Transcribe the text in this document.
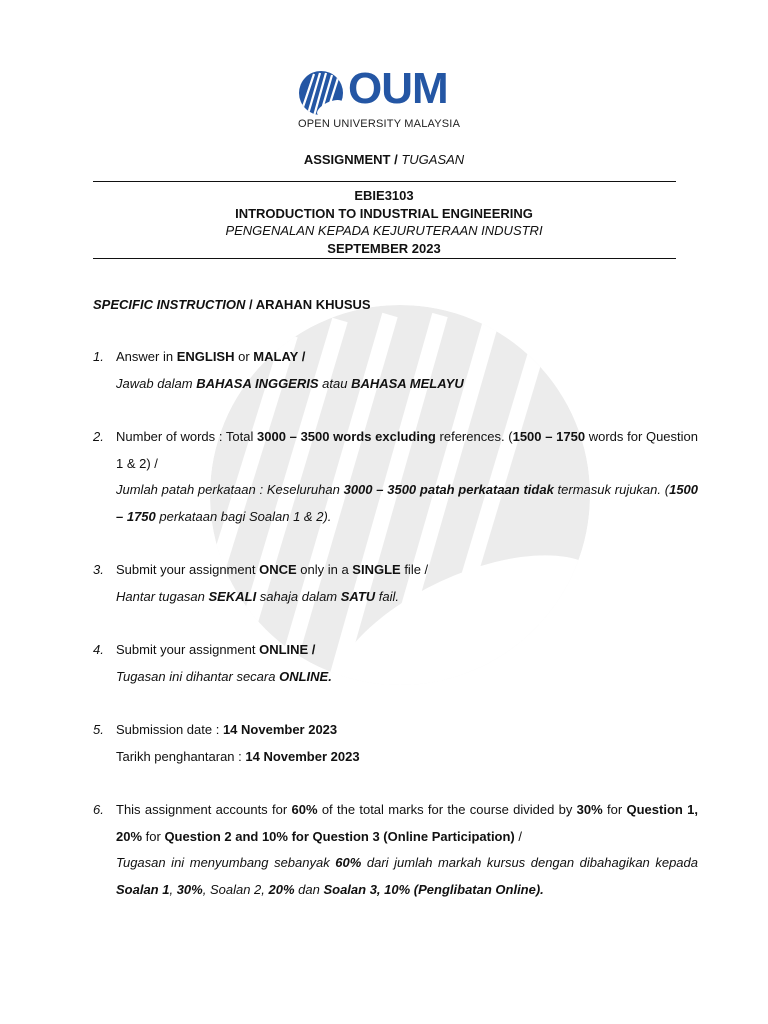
OUM
OPEN UNIVERSITY MALAYSIA
ASSIGNMENT / TUGASAN
EBIE3103
INTRODUCTION TO INDUSTRIAL ENGINEERING
PENGENALAN KEPADA KEJURUTERAAN INDUSTRI
SEPTEMBER 2023
SPECIFIC INSTRUCTION / ARAHAN KHUSUS
1. Answer in ENGLISH or MALAY /
Jawab dalam BAHASA INGGERIS atau BAHASA MELAYU
2. Number of words : Total 3000 – 3500 words excluding references. (1500 – 1750 words for Question 1 & 2) /
Jumlah patah perkataan : Keseluruhan 3000 – 3500 patah perkataan tidak termasuk rujukan. (1500 – 1750 perkataan bagi Soalan 1 & 2).
3. Submit your assignment ONCE only in a SINGLE file /
Hantar tugasan SEKALI sahaja dalam SATU fail.
4. Submit your assignment ONLINE /
Tugasan ini dihantar secara ONLINE.
5. Submission date : 14 November 2023
Tarikh penghantaran : 14 November 2023
6. This assignment accounts for 60% of the total marks for the course divided by 30% for Question 1, 20% for Question 2 and 10% for Question 3 (Online Participation) /
Tugasan ini menyumbang sebanyak 60% dari jumlah markah kursus dengan dibahagikan kepada Soalan 1, 30%, Soalan 2, 20% dan Soalan 3, 10% (Penglibatan Online).
